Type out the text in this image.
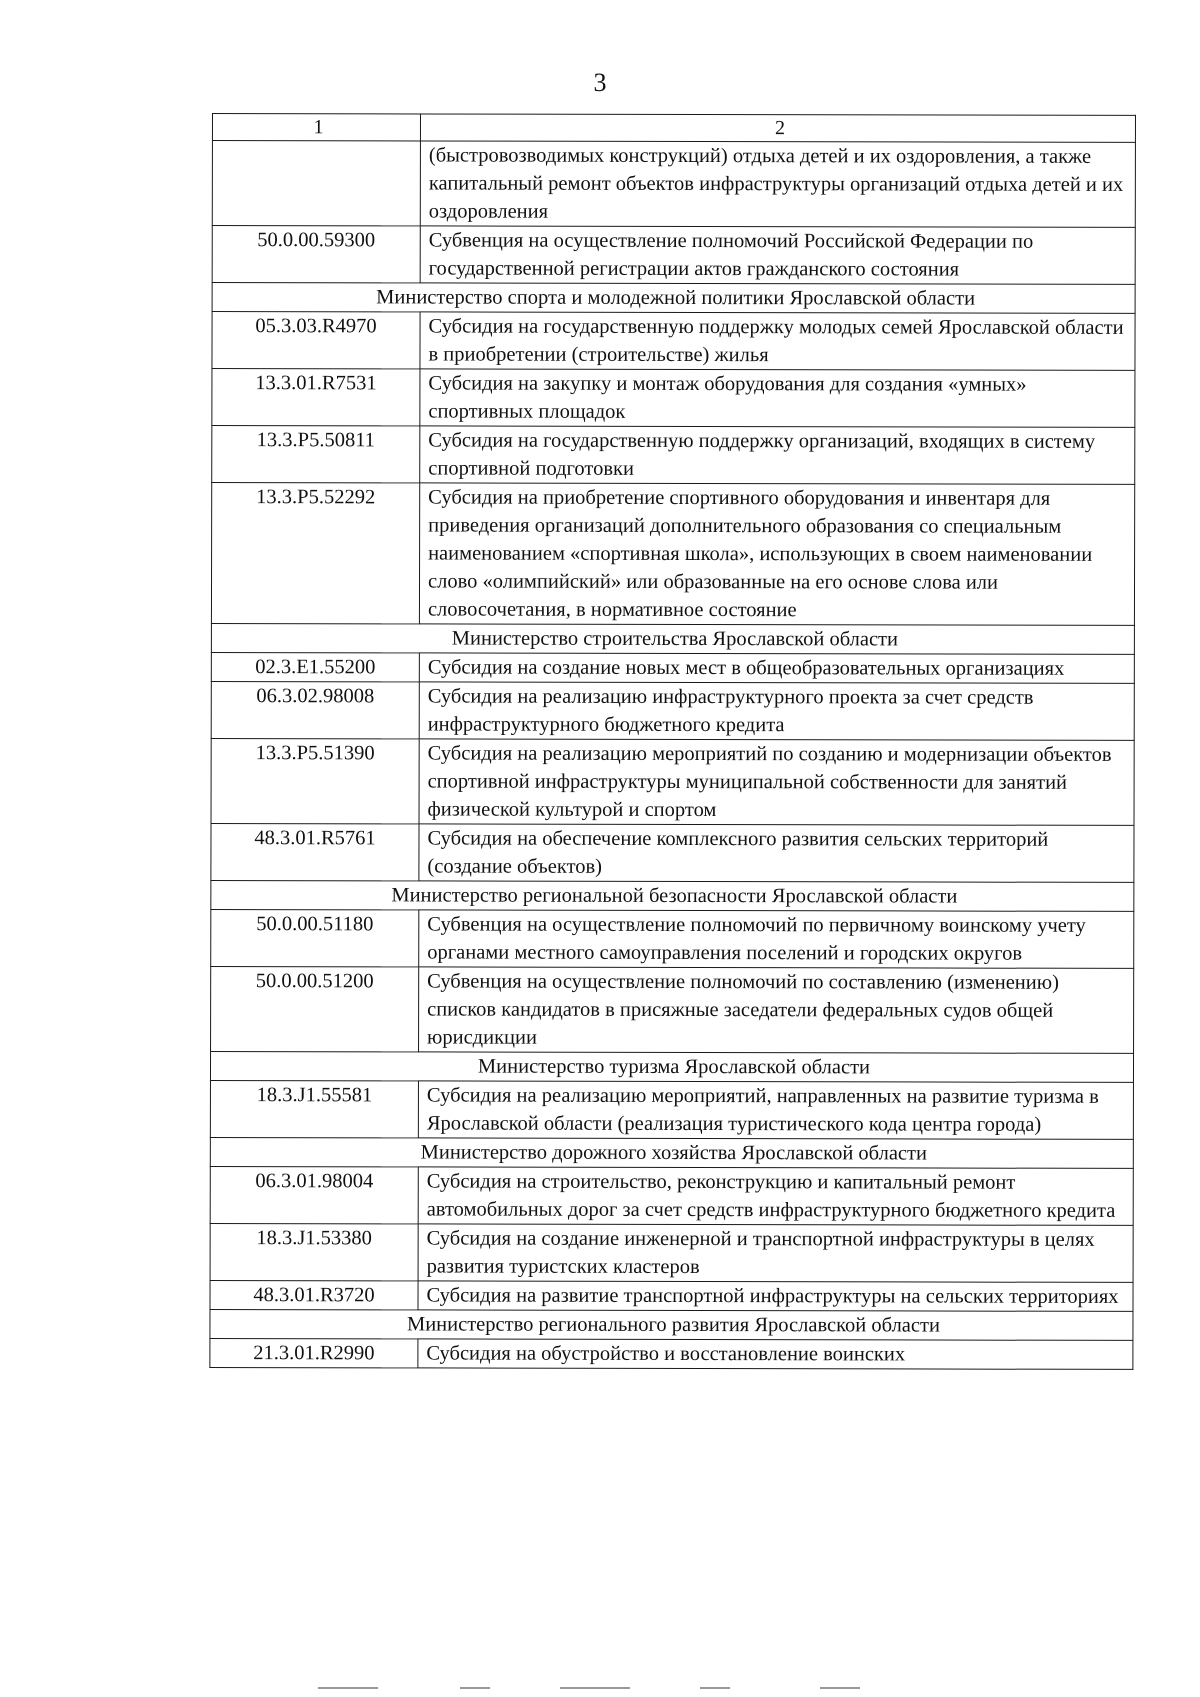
3
1	2
	(быстровозводимых конструкций) отдыха детей и их оздоровления, а также капитальный ремонт объектов инфраструктуры организаций отдыха детей и их оздоровления
50.0.00.59300	Субвенция на осуществление полномочий Российской Федерации по государственной регистрации актов гражданского состояния
Министерство спорта и молодежной политики Ярославской области	
05.3.03.R4970	Субсидия на государственную поддержку молодых семей Ярославской области в приобретении (строительстве) жилья
13.3.01.R7531	Субсидия на закупку и монтаж оборудования для создания «умных» спортивных площадок
13.3.Р5.50811	Субсидия на государственную поддержку организаций, входящих в систему спортивной подготовки
13.3.Р5.52292	Субсидия на приобретение спортивного оборудования и инвентаря для приведения организаций дополнительного образования со специальным наименованием «спортивная школа», использующих в своем наименовании слово «олимпийский» или образованные на его основе слова или словосочетания, в нормативное состояние
Министерство строительства Ярославской области	
02.3.Е1.55200	Субсидия на создание новых мест в общеобразовательных организациях
06.3.02.98008	Субсидия на реализацию инфраструктурного проекта за счет средств инфраструктурного бюджетного кредита
13.3.Р5.51390	Субсидия на реализацию мероприятий по созданию и модернизации объектов спортивной инфраструктуры муниципальной собственности для занятий физической культурой и спортом
48.3.01.R5761	Субсидия на обеспечение комплексного развития сельских территорий (создание объектов)
Министерство региональной безопасности Ярославской области	
50.0.00.51180	Субвенция на осуществление полномочий по первичному воинскому учету органами местного самоуправления поселений и городских округов
50.0.00.51200	Субвенция на осуществление полномочий по составлению (изменению) списков кандидатов в присяжные заседатели федеральных судов общей юрисдикции
Министерство туризма Ярославской области	
18.3.J1.55581	Субсидия на реализацию мероприятий, направленных на развитие туризма в Ярославской области (реализация туристического кода центра города)
Министерство дорожного хозяйства Ярославской области	
06.3.01.98004	Субсидия на строительство, реконструкцию и капитальный ремонт автомобильных дорог за счет средств инфраструктурного бюджетного кредита
18.3.J1.53380	Субсидия на создание инженерной и транспортной инфраструктуры в целях развития туристских кластеров
48.3.01.R3720	Субсидия на развитие транспортной инфраструктуры на сельских территориях
Министерство регионального развития Ярославской области	
21.3.01.R2990	Субсидия на обустройство и восстановление воинских
